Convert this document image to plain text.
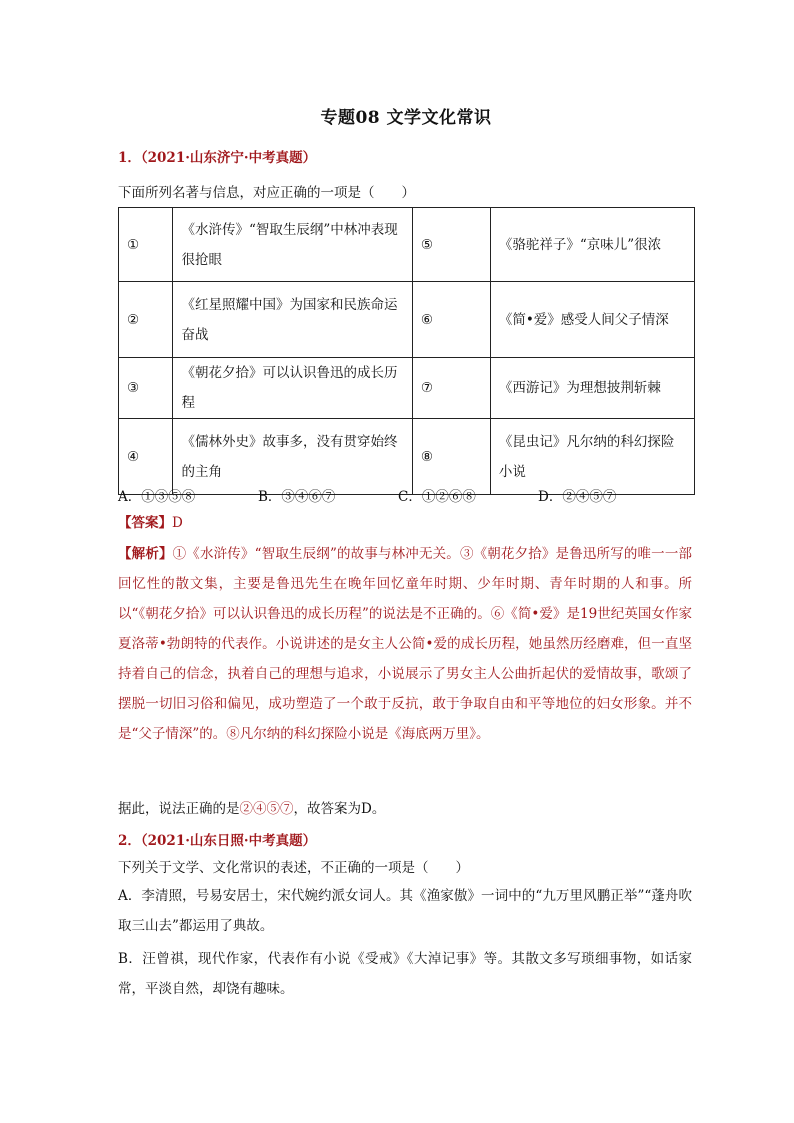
专题08 文学文化常识
1．（2021·山东济宁·中考真题）
下面所列名著与信息，对应正确的一项是（　　）
①	《水浒传》“智取生辰纲”中林冲表现很抢眼	⑤	《骆驼祥子》“京味儿”很浓
②	《红星照耀中国》为国家和民族命运奋战	⑥	《简•爱》感受人间父子情深
③	《朝花夕拾》可以认识鲁迅的成长历程	⑦	《西游记》为理想披荆斩棘
④	《儒林外史》故事多，没有贯穿始终的主角	⑧	《昆虫记》凡尔纳的科幻探险小说
A．①③⑤⑧	B．③④⑥⑦	C．①②⑥⑧	D．②④⑤⑦
【答案】D
【解析】①《水浒传》“智取生辰纲”的故事与林冲无关。③《朝花夕拾》是鲁迅所写的唯一一部回忆性的散文集，主要是鲁迅先生在晚年回忆童年时期、少年时期、青年时期的人和事。所以“《朝花夕拾》可以认识鲁迅的成长历程”的说法是不正确的。⑥《简•爱》是19世纪英国女作家夏洛蒂•勃朗特的代表作。小说讲述的是女主人公简•爱的成长历程，她虽然历经磨难，但一直坚持着自己的信念，执着自己的理想与追求，小说展示了男女主人公曲折起伏的爱情故事，歌颂了摆脱一切旧习俗和偏见，成功塑造了一个敢于反抗，敢于争取自由和平等地位的妇女形象。并不是“父子情深”的。⑧凡尔纳的科幻探险小说是《海底两万里》。
据此，说法正确的是②④⑤⑦，故答案为D。
2．（2021·山东日照·中考真题）
下列关于文学、文化常识的表述，不正确的一项是（　　）
A．李清照，号易安居士，宋代婉约派女词人。其《渔家傲》一词中的“九万里风鹏正举”“蓬舟吹取三山去”都运用了典故。
B．汪曾祺，现代作家，代表作有小说《受戒》《大淖记事》等。其散文多写琐细事物，如话家常，平淡自然，却饶有趣味。
